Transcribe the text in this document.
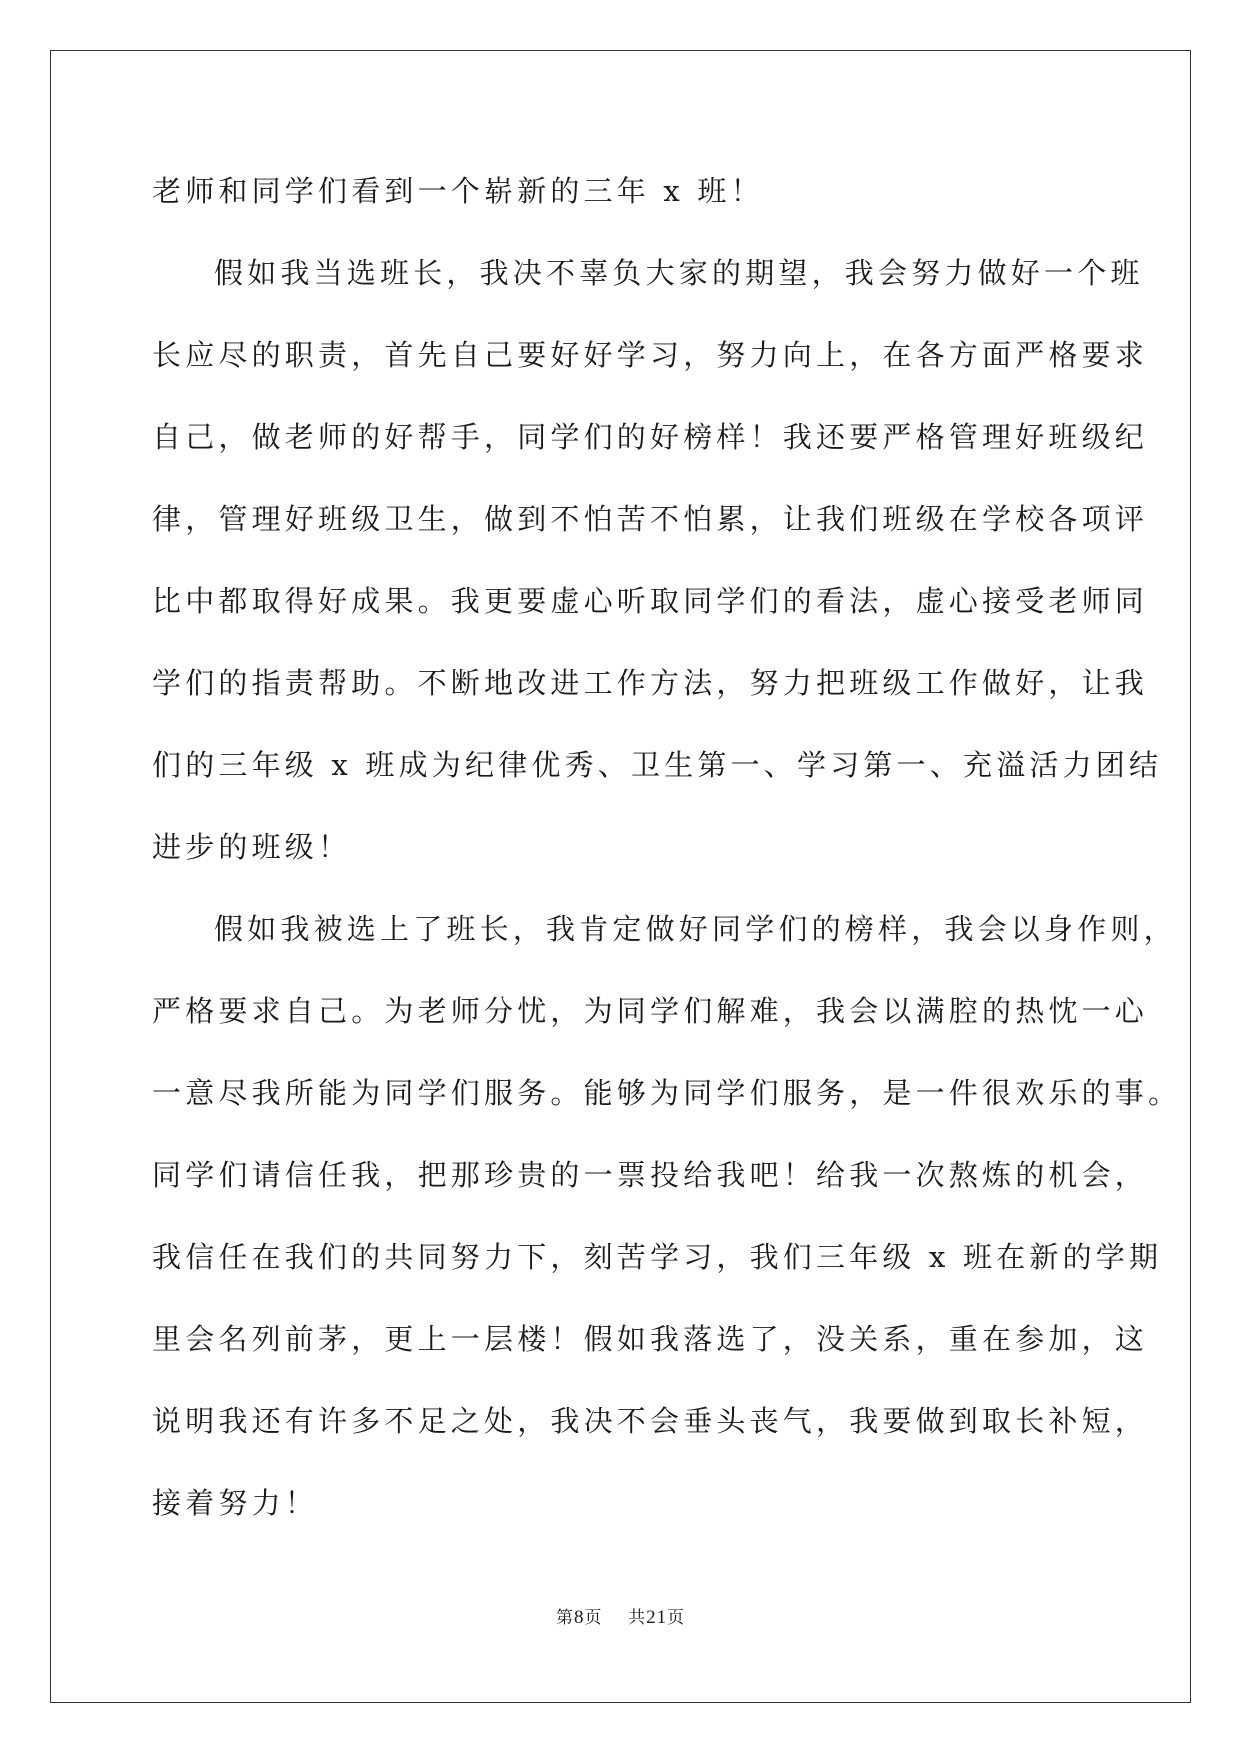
老师和同学们看到一个崭新的三年 x 班！
假如我当选班长，我决不辜负大家的期望，我会努力做好一个班
长应尽的职责，首先自己要好好学习，努力向上，在各方面严格要求
自己，做老师的好帮手，同学们的好榜样！我还要严格管理好班级纪
律，管理好班级卫生，做到不怕苦不怕累，让我们班级在学校各项评
比中都取得好成果。我更要虚心听取同学们的看法，虚心接受老师同
学们的指责帮助。不断地改进工作方法，努力把班级工作做好，让我
们的三年级 x 班成为纪律优秀、卫生第一、学习第一、充溢活力团结
进步的班级！
假如我被选上了班长，我肯定做好同学们的榜样，我会以身作则，
严格要求自己。为老师分忧，为同学们解难，我会以满腔的热忱一心
一意尽我所能为同学们服务。能够为同学们服务，是一件很欢乐的事。
同学们请信任我，把那珍贵的一票投给我吧！给我一次熬炼的机会，
我信任在我们的共同努力下，刻苦学习，我们三年级 x 班在新的学期
里会名列前茅，更上一层楼！假如我落选了，没关系，重在参加，这
说明我还有许多不足之处，我决不会垂头丧气，我要做到取长补短，
接着努力！
第8页 共21页
